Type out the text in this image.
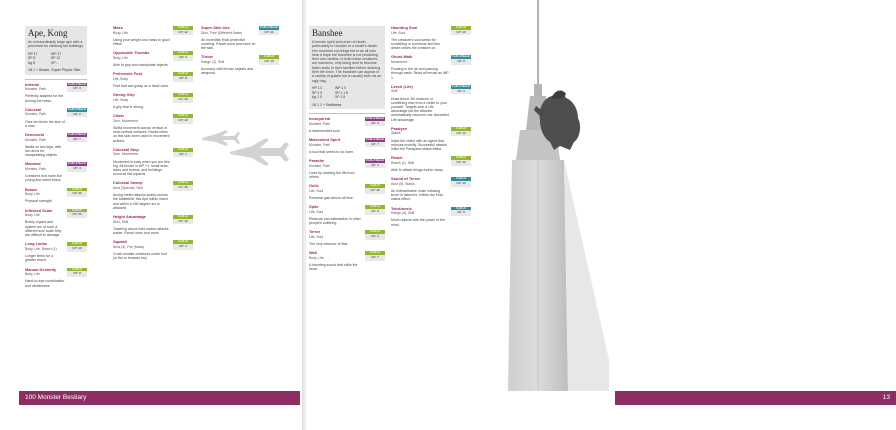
Ape, Kong
An extraordinarily large ape with a penchant for climbing tall buildings.
HP 17	WP 17
SP 8	SP 12
Ag 8	XP ...
18 1 + Brawn, Super Physic Skin
Infernal
Monster, Path
CoR+3 Basic
CP: 3
Perfectly adapted for the among the mass.
Colossal
Monster, Path
CoR+3 Basic
CP: 2
Over ten times the size of a man.
Demonoid
Monster, Path
CoR+3 Basic
CP: 7
Walks on two legs, with two arms for manipulating objects.
Mammal
Monster, Path
CoR+3 Basic
CP: 4
Creatures that have live young and warm blood.
Brawn
Body, Life
CoR+3
CP: 30
Physical strength.
Inflected Scale
Body, Life
CoR+3
CP: 20
Bodily organs and system are of such a different size scale they are difficult to damage.
Long Limbs
Body, Life, Reach (1)
CoR+3
CP: 10
Longer limbs for a greater reach.
Manual Dexterity
Body, Life
CoR+3
CP: 8
Hand-to-eye coordination and nimbleness.
Mass
Body, Life
CoR+3
CP: 12
Using your weight and mass to good effect.
Opposable Thumbs
Body, Life
CoR+3
CP: 4
Able to grip and manipulate objects.
Prehensile Foot
Life, Body
CoR+3
CP: 8
Feet that can grasp as a hand does.
Strong Grip
Life, Body
CoR+3
CP: 10
A grip that is strong.
Climb
Dino, Movement
CoR+3
CP: 10
Skilful movement across vertical or near-vertical surfaces. Ranks relies on this skin when used in movement actions.
Colossal Step
Dino, Movement
CoR+3
CP: 7
Movement is easy when you are this big. All terrain is WP +1, small seas, lakes and forests, and buildings count as flat squares.
Colossal Sweep
Area (Special), Skill
CoR+3
CP: 15
Arcing melee attacks sweep across the battlefield; this Ape within reach and within a 180 degree arc is attacked.
Height Advantage
Dino, Skill
CoR+3
CP: 10
Towering above foes makes attacks easier. Ranch ones and more.
Squash
Area (4), Foe (Mass)
CoR+3
CP: 4
Crush smaller creatures under foot (or fist or tentacle etc).
Super-Skin Use
Dino, Free (Different Scale)
CoR+3 Basic
CP: 14
An incredibly thick protective covering. Ranch ones and more on the skin.
Throw
Range (1), Skill
CoR+3
CP: 10
Accuracy with thrown objects and weapons.
100 Monster Bestiary
Banshee
A female spirit and omen of death, particularly to Houlder or a heath's death. Her mournful cry brings terror as all who hear it hope the banshee is not predicting their own deaths. In truth these creatures are harmless, only being sent to become fallen souls to their families before draining their life force. The banshee can appear in a variety of guises but is usually seen as an ugly hag.
HP 1 0	WP 1 0
SP 1 0	SP 1 1 8
Ag 1 0	XP 1 8
18 1 1 + Swiftness
Incorporeal
Monster, Path
CoR+3 Basic
CP: 3
A disembodied soul.
Malevolent Spirit
Monster, Path
CoR+3 Basic
CP: 7
A soul that seeks to do harm.
Parasite
Monster, Path
CoR+3 Basic
CP: 3
Lives by draining the life from others.
Guile
Life, Soul
CoR+3
CP: 10
Personal gain above all else.
Spite
Life, Soul
CoR+3
CP: 9
Pleasure and satisfaction in other people's suffering.
Terror
Life, Soul
CoR+3
CP: 4
The very essence of fear.
Wail
Body, Life
CoR+3
CP: 7
A haunting sound that chills the heart.
Haunting Soul
Life, Soul
CoR+3
CP: 10
The creature's soul seeks for something or someone and this desire drives the creature on.
Ghost Walk
Movement
CoR+3 Basic
CP: 8
Floating in the air and passing through walls. Read all terrain as WP 1.
Leech (Life)
Skill
CoR+3 Basic
CP: 3
Draw blood, life essence or something else from a victim to your yourself. Targets lose a Life advantage but the attacker automatically recovers one discarded Life advantage.
Paralyse
Status
CoR+3
CP: 12
Inject the victim with an agent that reduces mobility. Successful attacks inflict the Paralysed status effect.
Reach
Reach (1), Skill
CoR+3
CP: 12
Able to attack things further away.
Sound of Terror
Aura (5), Status
CoR+3
CP: 10
An indescribable noise inducing terror in listeners. Inflicts the Fear status effect.
Telekinesis
Range (6), Skill
CoR+3
CP: 5
Move objects with the power of the mind.
13
